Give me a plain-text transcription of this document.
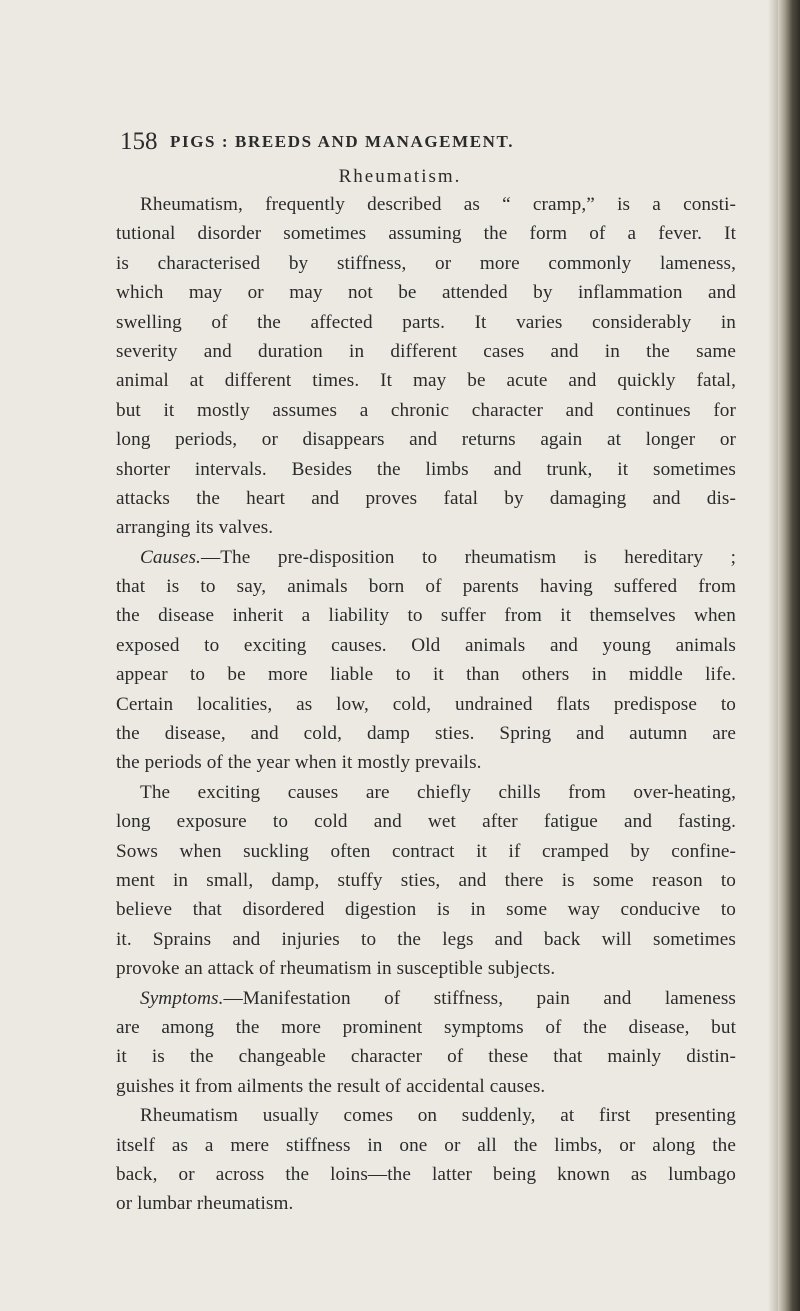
158 PIGS : BREEDS AND MANAGEMENT.
Rheumatism.
Rheumatism, frequently described as “ cramp,” is a consti-
tutional disorder sometimes assuming the form of a fever. It
is characterised by stiffness, or more commonly lameness,
which may or may not be attended by inflammation and
swelling of the affected parts. It varies considerably in
severity and duration in different cases and in the same
animal at different times. It may be acute and quickly fatal,
but it mostly assumes a chronic character and continues for
long periods, or disappears and returns again at longer or
shorter intervals. Besides the limbs and trunk, it sometimes
attacks the heart and proves fatal by damaging and dis-
arranging its valves.
Causes.—The pre-disposition to rheumatism is hereditary ;
that is to say, animals born of parents having suffered from
the disease inherit a liability to suffer from it themselves when
exposed to exciting causes. Old animals and young animals
appear to be more liable to it than others in middle life.
Certain localities, as low, cold, undrained flats predispose to
the disease, and cold, damp sties. Spring and autumn are
the periods of the year when it mostly prevails.
The exciting causes are chiefly chills from over-heating,
long exposure to cold and wet after fatigue and fasting.
Sows when suckling often contract it if cramped by confine-
ment in small, damp, stuffy sties, and there is some reason to
believe that disordered digestion is in some way conducive to
it. Sprains and injuries to the legs and back will sometimes
provoke an attack of rheumatism in susceptible subjects.
Symptoms.—Manifestation of stiffness, pain and lameness
are among the more prominent symptoms of the disease, but
it is the changeable character of these that mainly distin-
guishes it from ailments the result of accidental causes.
Rheumatism usually comes on suddenly, at first presenting
itself as a mere stiffness in one or all the limbs, or along the
back, or across the loins—the latter being known as lumbago
or lumbar rheumatism.
